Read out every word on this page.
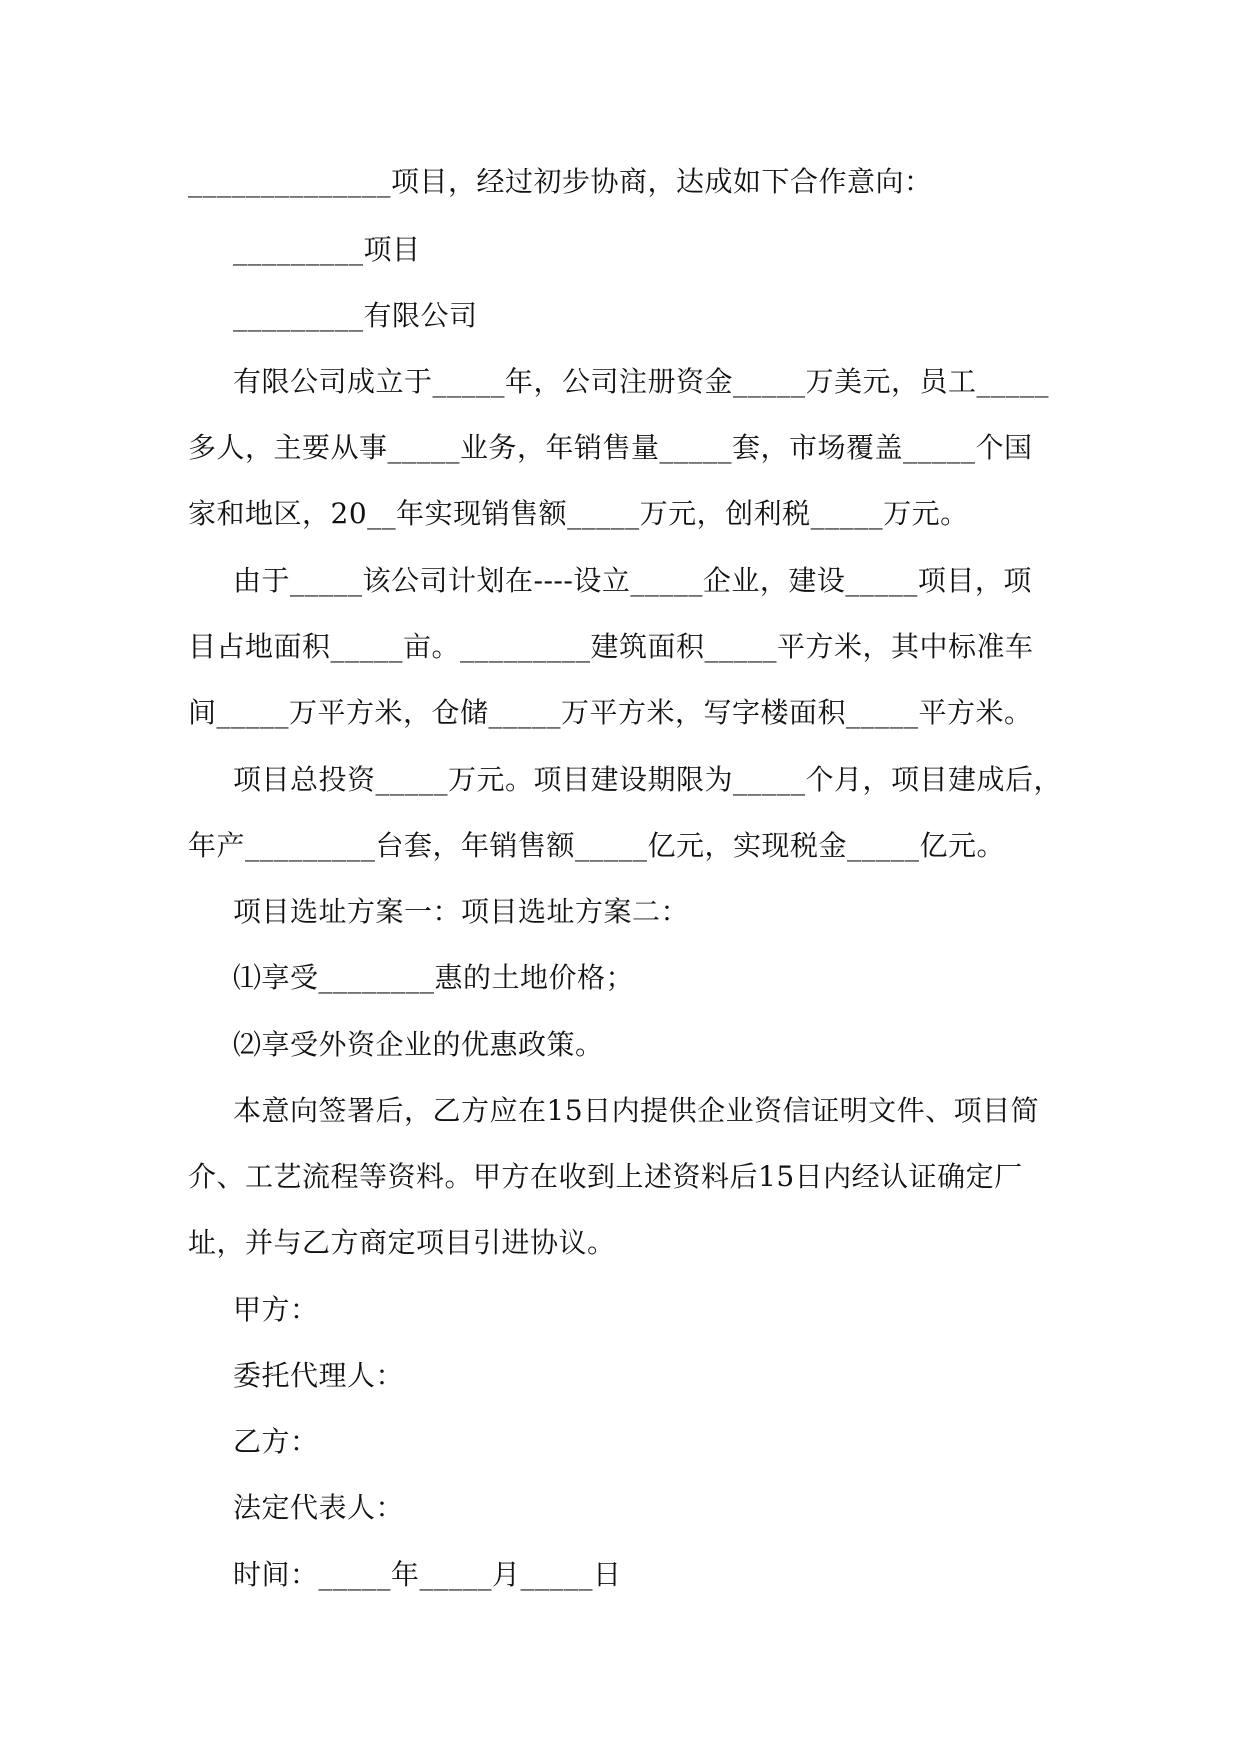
______________项目，经过初步协商，达成如下合作意向：
_________项目
_________有限公司
有限公司成立于_____年，公司注册资金_____万美元，员工_____
多人，主要从事_____业务，年销售量_____套，市场覆盖_____个国
家和地区，20__年实现销售额_____万元，创利税_____万元。
由于_____该公司计划在----设立_____企业，建设_____项目，项
目占地面积_____亩。_________建筑面积_____平方米，其中标准车
间_____万平方米，仓储_____万平方米，写字楼面积_____平方米。
项目总投资_____万元。项目建设期限为_____个月，项目建成后，
年产_________台套，年销售额_____亿元，实现税金_____亿元。
项目选址方案一：项目选址方案二：
⑴享受________惠的土地价格；
⑵享受外资企业的优惠政策。
本意向签署后，乙方应在15日内提供企业资信证明文件、项目简
介、工艺流程等资料。甲方在收到上述资料后15日内经认证确定厂
址，并与乙方商定项目引进协议。
甲方：
委托代理人：
乙方：
法定代表人：
时间：_____年_____月_____日
